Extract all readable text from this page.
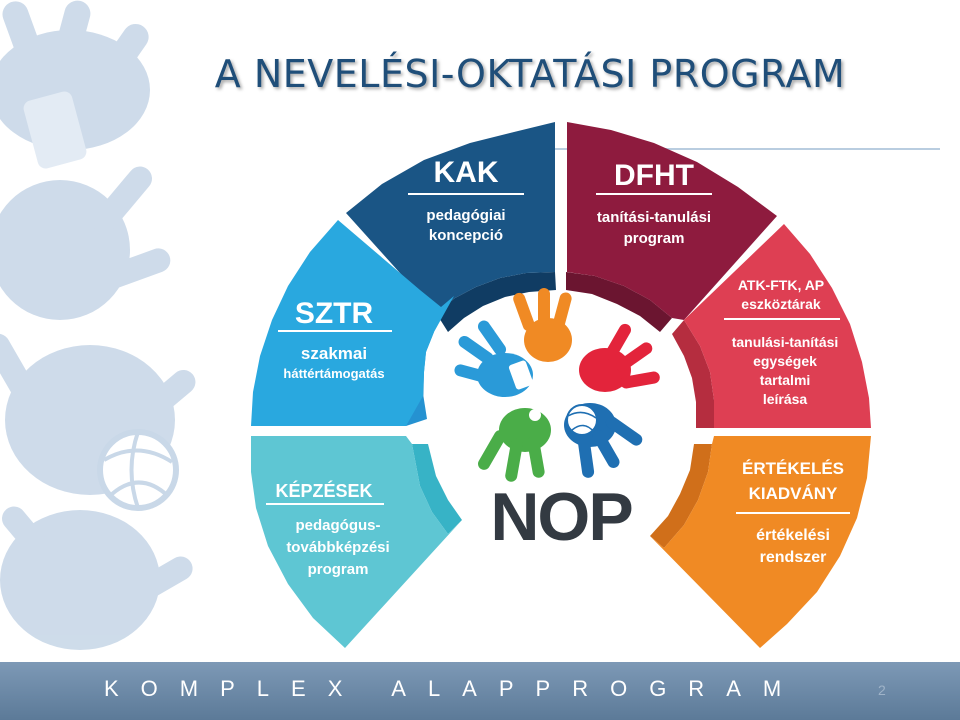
A NEVELÉSI-OKTATÁSI PROGRAM
KAK
pedagógiai
koncepció
DFHT
tanítási-tanulási
program
SZTR
szakmai
háttértámogatás
ATK-FTK, AP
eszköztárak
tanulási-tanítási
egységek
tartalmi
leírása
KÉPZÉSEK
pedagógus-
továbbképzési
program
ÉRTÉKELÉS
KIADVÁNY
értékelési
rendszer
NOP
KOMPLEX ALAPPROGRAM	2
